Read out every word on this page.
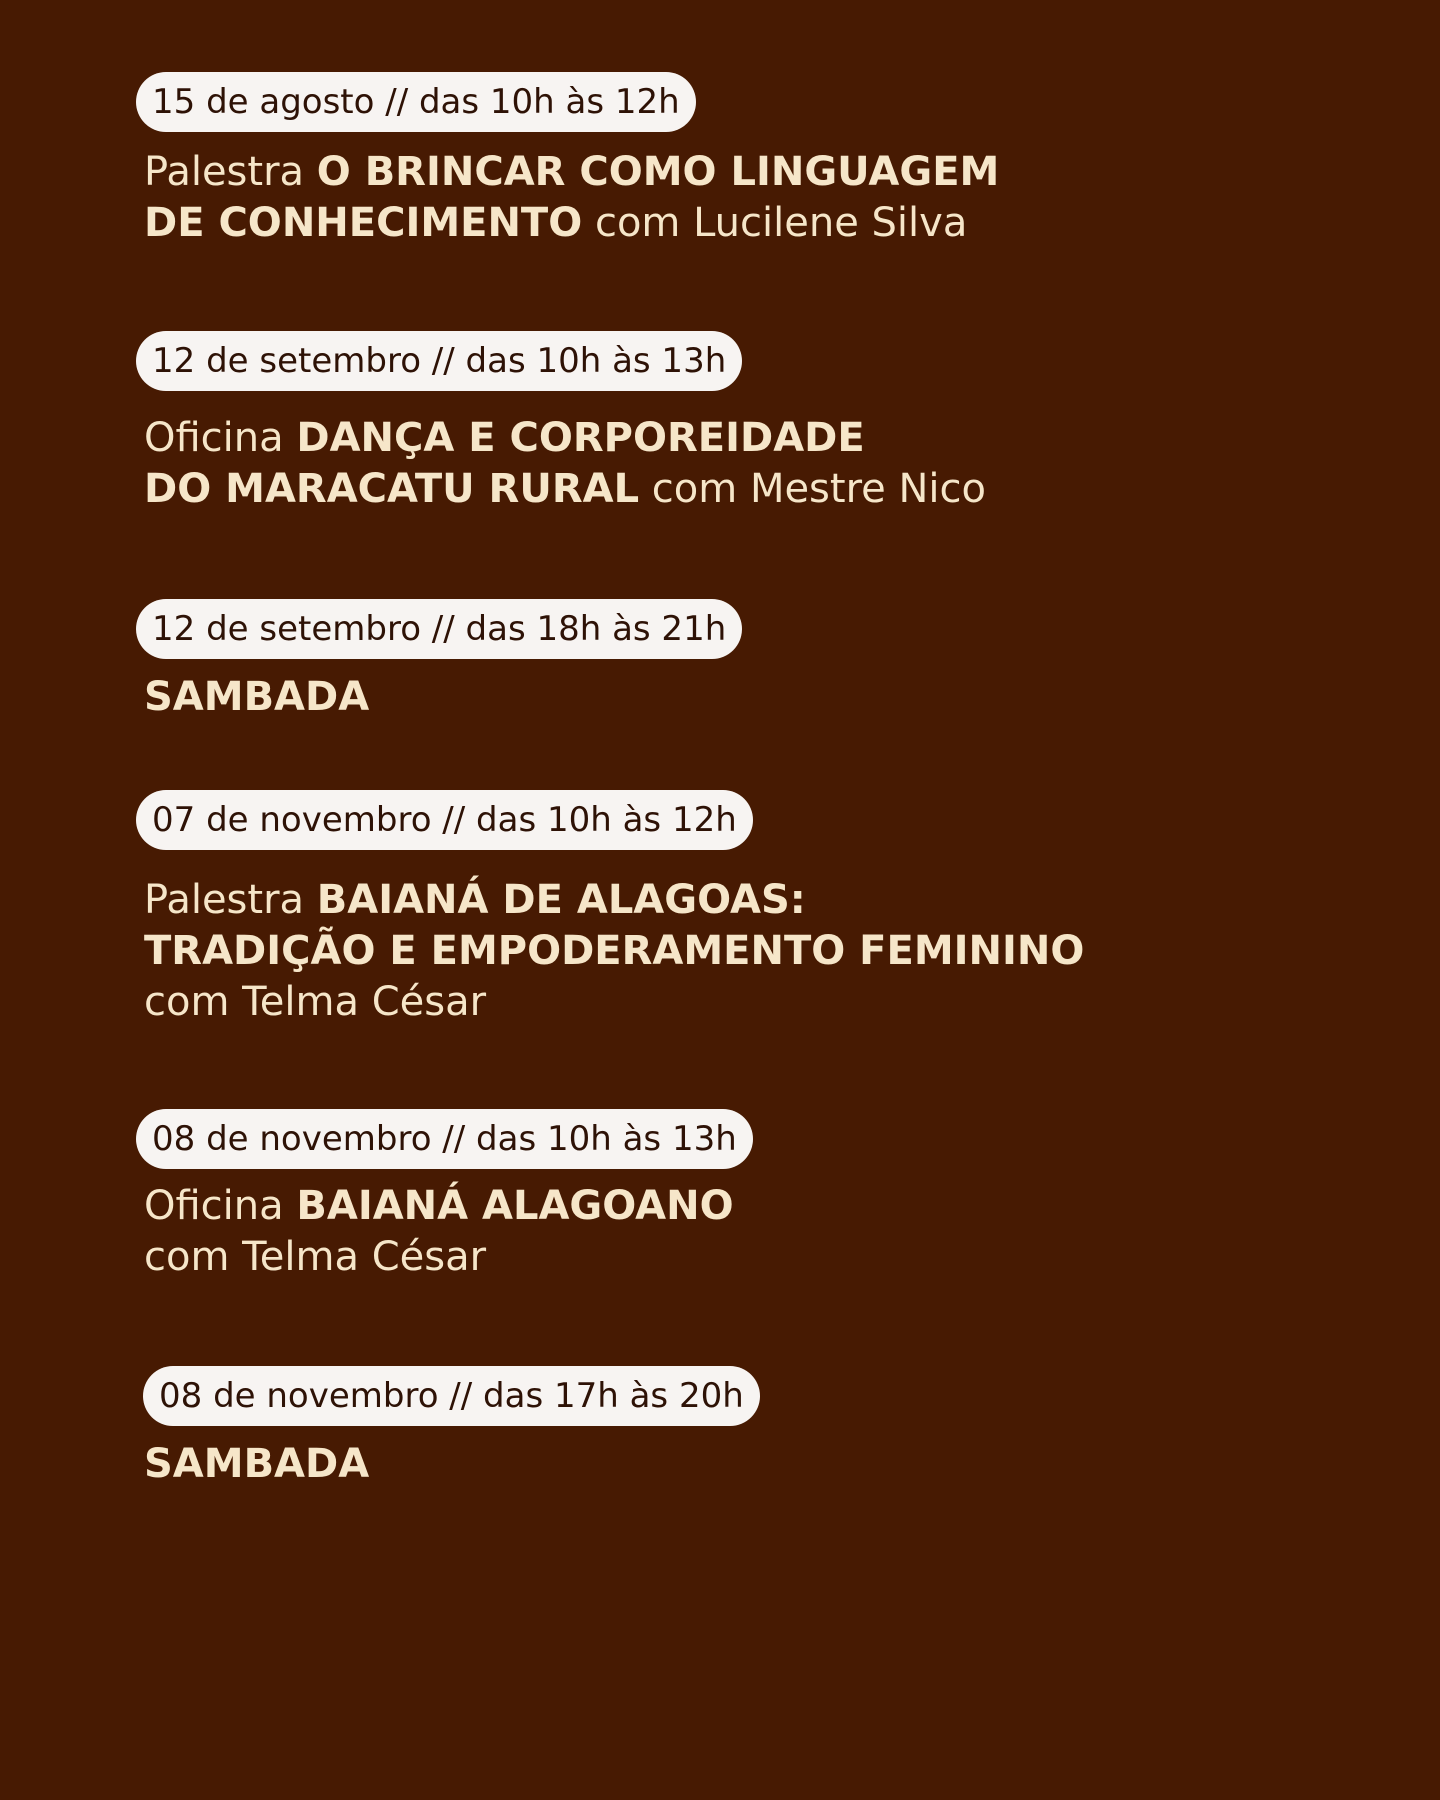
15 de agosto // das 10h às 12h
Palestra O BRINCAR COMO LINGUAGEM
DE CONHECIMENTO com Lucilene Silva
12 de setembro // das 10h às 13h
Oficina DANÇA E CORPOREIDADE
DO MARACATU RURAL com Mestre Nico
12 de setembro // das 18h às 21h
SAMBADA
07 de novembro // das 10h às 12h
Palestra BAIANÁ DE ALAGOAS:
TRADIÇÃO E EMPODERAMENTO FEMININO
com Telma César
08 de novembro // das 10h às 13h
Oficina BAIANÁ ALAGOANO
com Telma César
08 de novembro // das 17h às 20h
SAMBADA
